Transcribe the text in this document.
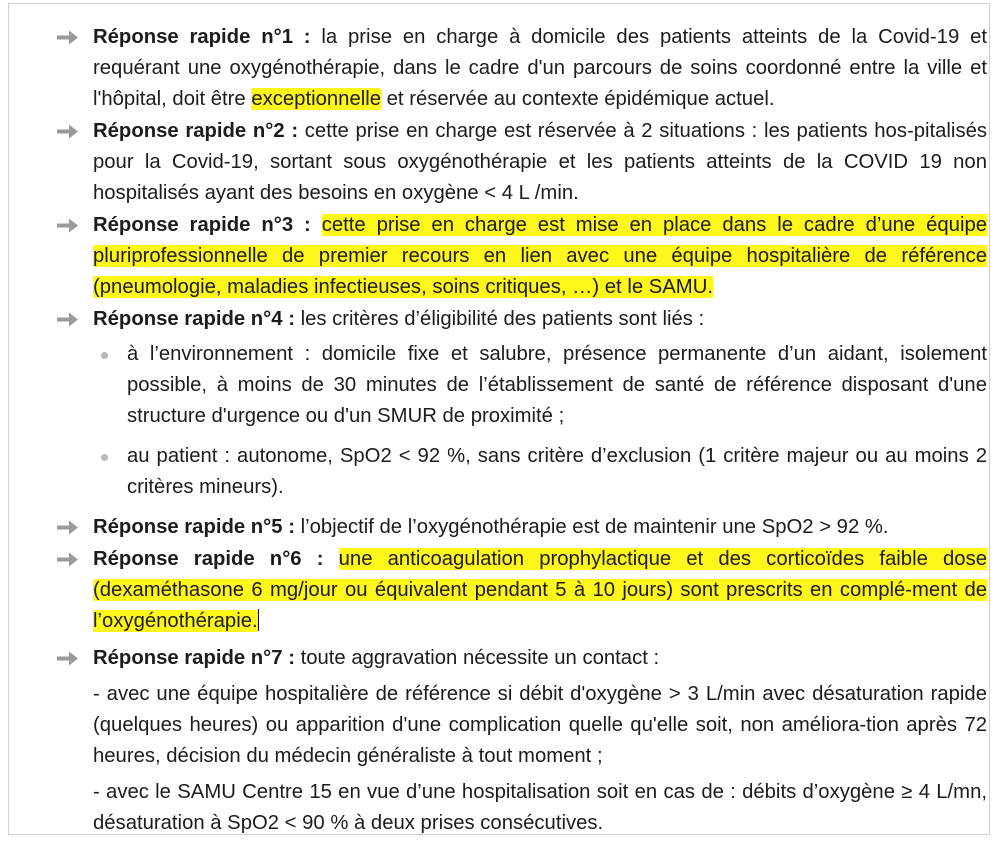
Réponse rapide n°1 : la prise en charge à domicile des patients atteints de la Covid-19 et requérant une oxygénothérapie, dans le cadre d'un parcours de soins coordonné entre la ville et l'hôpital, doit être exceptionnelle et réservée au contexte épidémique actuel.
Réponse rapide n°2 : cette prise en charge est réservée à 2 situations : les patients hos-pitalisés pour la Covid-19, sortant sous oxygénothérapie et les patients atteints de la COVID 19 non hospitalisés ayant des besoins en oxygène < 4 L /min.
Réponse rapide n°3 : cette prise en charge est mise en place dans le cadre d’une équipe pluriprofessionnelle de premier recours en lien avec une équipe hospitalière de référence (pneumologie, maladies infectieuses, soins critiques, …) et le SAMU.
Réponse rapide n°4 : les critères d’éligibilité des patients sont liés :
à l’environnement : domicile fixe et salubre, présence permanente d’un aidant, isolement possible, à moins de 30 minutes de l’établissement de santé de référence disposant d'une structure d'urgence ou d'un SMUR de proximité ;
au patient : autonome, SpO2 < 92 %, sans critère d’exclusion (1 critère majeur ou au moins 2 critères mineurs).
Réponse rapide n°5 : l’objectif de l’oxygénothérapie est de maintenir une SpO2 > 92 %.
Réponse rapide n°6 : une anticoagulation prophylactique et des corticoïdes faible dose (dexaméthasone 6 mg/jour ou équivalent pendant 5 à 10 jours) sont prescrits en complé-ment de l’oxygénothérapie.
Réponse rapide n°7 : toute aggravation nécessite un contact :
- avec une équipe hospitalière de référence si débit d'oxygène > 3 L/min avec désaturation rapide (quelques heures) ou apparition d'une complication quelle qu'elle soit, non améliora-tion après 72 heures, décision du médecin généraliste à tout moment ;
- avec le SAMU Centre 15 en vue d’une hospitalisation soit en cas de : débits d’oxygène ≥ 4 L/mn, désaturation à SpO2 < 90 % à deux prises consécutives.
